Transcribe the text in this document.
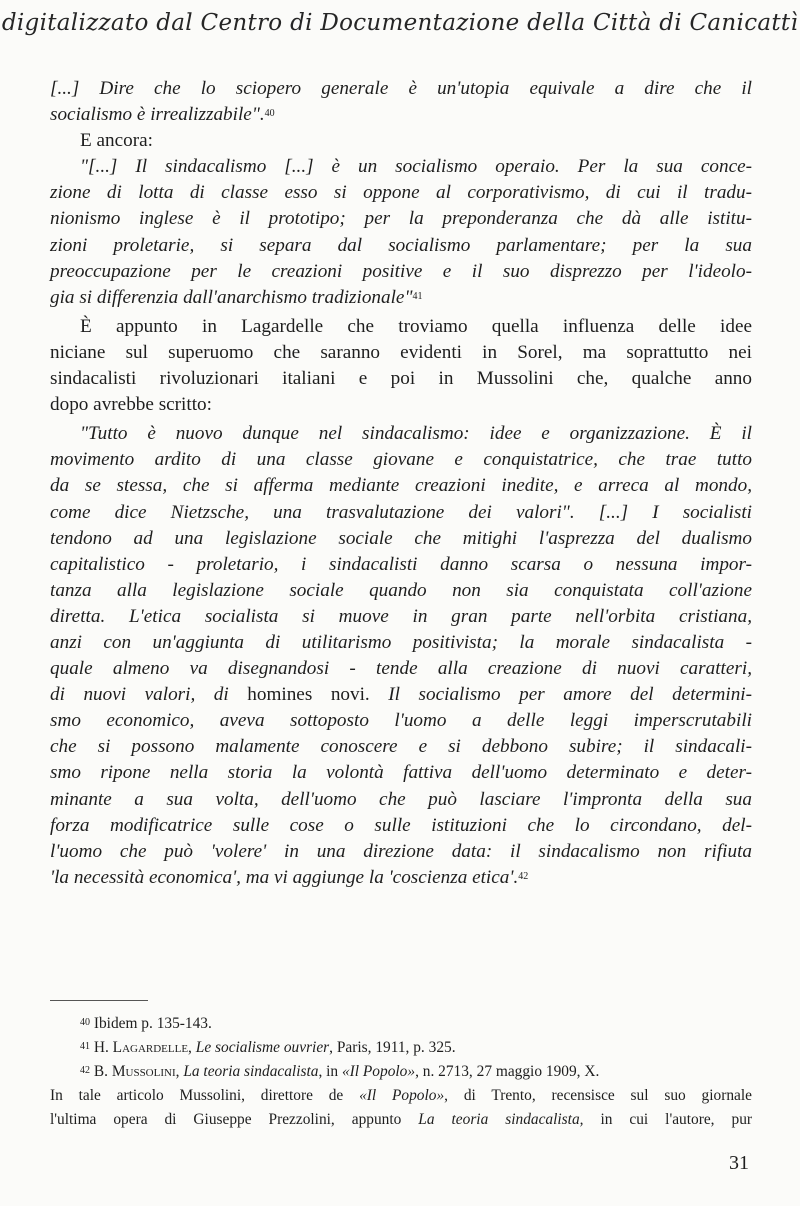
digitalizzato dal Centro di Documentazione della Città di Canicattì
[...] Dire che lo sciopero generale è un'utopia equivale a dire che il
socialismo è irrealizzabile".$^{40}$
E ancora:
"[...] Il sindacalismo [...] è un socialismo operaio. Per la sua conce-
zione di lotta di classe esso si oppone al corporativismo, di cui il tradu-
nionismo inglese è il prototipo; per la preponderanza che dà alle istitu-
zioni proletarie, si separa dal socialismo parlamentare; per la sua
preoccupazione per le creazioni positive e il suo disprezzo per l'ideolo-
gia si differenzia dall'anarchismo tradizionale"$^{41}$
È appunto in Lagardelle che troviamo quella influenza delle idee
niciane sul superuomo che saranno evidenti in Sorel, ma soprattutto nei
sindacalisti rivoluzionari italiani e poi in Mussolini che, qualche anno
dopo avrebbe scritto:
"Tutto è nuovo dunque nel sindacalismo: idee e organizzazione. È il
movimento ardito di una classe giovane e conquistatrice, che trae tutto
da se stessa, che si afferma mediante creazioni inedite, e arreca al mondo,
come dice Nietzsche, una trasvalutazione dei valori". [...] I socialisti
tendono ad una legislazione sociale che mitighi l'asprezza del dualismo
capitalistico - proletario, i sindacalisti danno scarsa o nessuna impor-
tanza alla legislazione sociale quando non sia conquistata coll'azione
diretta. L'etica socialista si muove in gran parte nell'orbita cristiana,
anzi con un'aggiunta di utilitarismo positivista; la morale sindacalista -
quale almeno va disegnandosi - tende alla creazione di nuovi caratteri,
di nuovi valori, di homines novi. Il socialismo per amore del determini-
smo economico, aveva sottoposto l'uomo a delle leggi imperscrutabili
che si possono malamente conoscere e si debbono subire; il sindacali-
smo ripone nella storia la volontà fattiva dell'uomo determinato e deter-
minante a sua volta, dell'uomo che può lasciare l'impronta della sua
forza modificatrice sulle cose o sulle istituzioni che lo circondano, del-
l'uomo che può 'volere' in una direzione data: il sindacalismo non rifiuta
'la necessità economica', ma vi aggiunge la 'coscienza etica'.$^{42}$
$^{40}$ Ibidem p. 135-143.
$^{41}$ H. Lagardelle, Le socialisme ouvrier, Paris, 1911, p. 325.
$^{42}$ B. Mussolini, La teoria sindacalista, in «Il Popolo», n. 2713, 27 maggio 1909, X.
In tale articolo Mussolini, direttore de «Il Popolo», di Trento, recensisce sul suo giornale
l'ultima opera di Giuseppe Prezzolini, appunto La teoria sindacalista, in cui l'autore, pur
31
